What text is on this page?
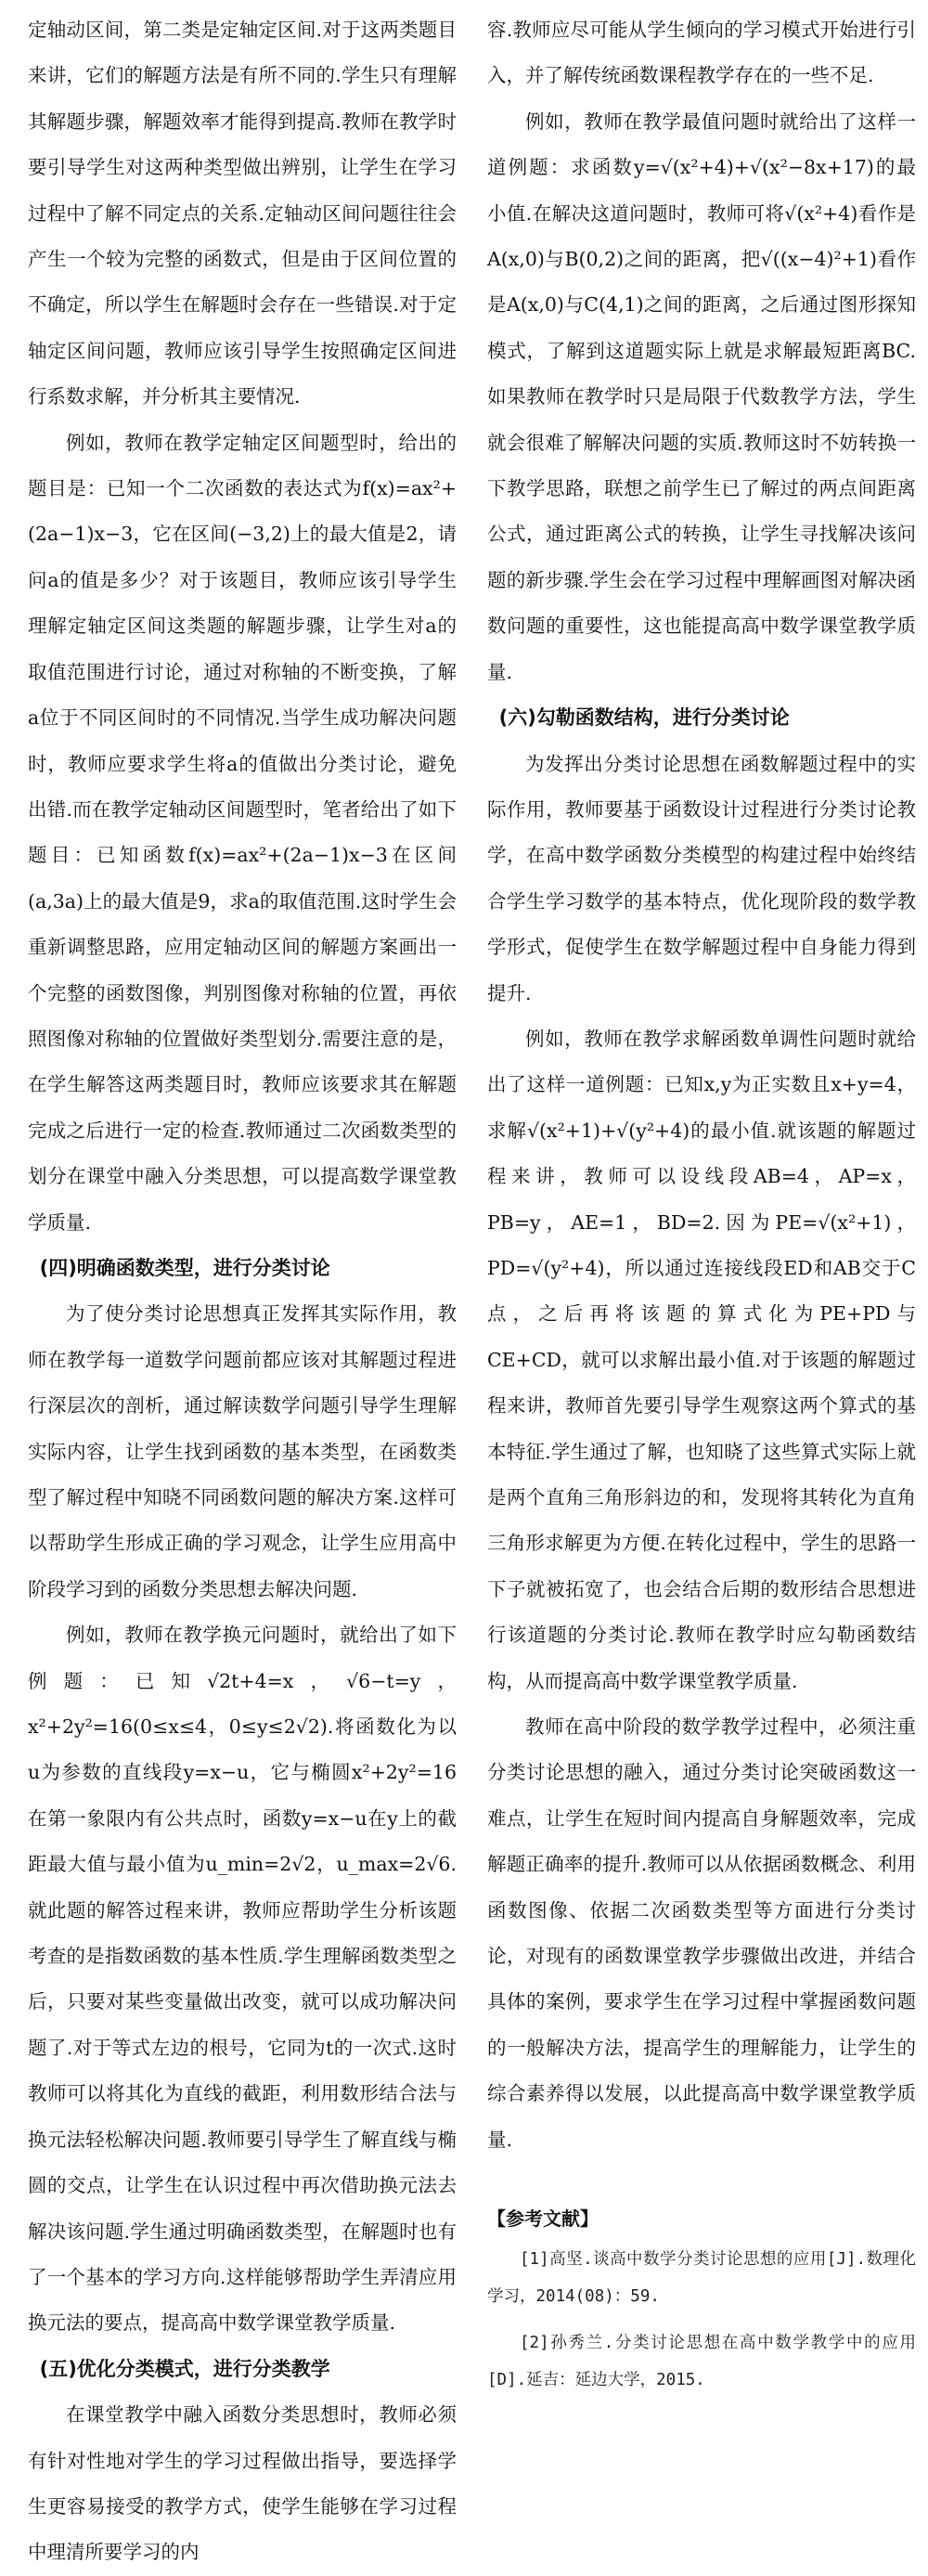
定轴动区间，第二类是定轴定区间.对于这两类题目来讲，它们的解题方法是有所不同的.学生只有理解其解题步骤，解题效率才能得到提高.教师在教学时要引导学生对这两种类型做出辨别，让学生在学习过程中了解不同定点的关系.定轴动区间问题往往会产生一个较为完整的函数式，但是由于区间位置的不确定，所以学生在解题时会存在一些错误.对于定轴定区间问题，教师应该引导学生按照确定区间进行系数求解，并分析其主要情况.

例如，教师在教学定轴定区间题型时，给出的题目是：已知一个二次函数的表达式为f(x)=ax²+(2a−1)x−3，它在区间(−3,2)上的最大值是2，请问a的值是多少？对于该题目，教师应该引导学生理解定轴定区间这类题的解题步骤，让学生对a的取值范围进行讨论，通过对称轴的不断变换，了解a位于不同区间时的不同情况.当学生成功解决问题时，教师应要求学生将a的值做出分类讨论，避免出错.而在教学定轴动区间题型时，笔者给出了如下题目：已知函数f(x)=ax²+(2a−1)x−3在区间(a,3a)上的最大值是9，求a的取值范围.这时学生会重新调整思路，应用定轴动区间的解题方案画出一个完整的函数图像，判别图像对称轴的位置，再依照图像对称轴的位置做好类型划分.需要注意的是，在学生解答这两类题目时，教师应该要求其在解题完成之后进行一定的检查.教师通过二次函数类型的划分在课堂中融入分类思想，可以提高数学课堂教学质量.

(四)明确函数类型，进行分类讨论

为了使分类讨论思想真正发挥其实际作用，教师在教学每一道数学问题前都应该对其解题过程进行深层次的剖析，通过解读数学问题引导学生理解实际内容，让学生找到函数的基本类型，在函数类型了解过程中知晓不同函数问题的解决方案.这样可以帮助学生形成正确的学习观念，让学生应用高中阶段学习到的函数分类思想去解决问题.

例如，教师在教学换元问题时，就给出了如下例题：已知√2t+4=x，√6−t=y，x²+2y²=16(0≤x≤4，0≤y≤2√2).将函数化为以u为参数的直线段y=x−u，它与椭圆x²+2y²=16在第一象限内有公共点时，函数y=x−u在y上的截距最大值与最小值为u_min=2√2，u_max=2√6.就此题的解答过程来讲，教师应帮助学生分析该题考查的是指数函数的基本性质.学生理解函数类型之后，只要对某些变量做出改变，就可以成功解决问题了.对于等式左边的根号，它同为t的一次式.这时教师可以将其化为直线的截距，利用数形结合法与换元法轻松解决问题.教师要引导学生了解直线与椭圆的交点，让学生在认识过程中再次借助换元法去解决该问题.学生通过明确函数类型，在解题时也有了一个基本的学习方向.这样能够帮助学生弄清应用换元法的要点，提高高中数学课堂教学质量.

(五)优化分类模式，进行分类教学

在课堂教学中融入函数分类思想时，教师必须有针对性地对学生的学习过程做出指导，要选择学生更容易接受的教学方式，使学生能够在学习过程中理清所要学习的内

容.教师应尽可能从学生倾向的学习模式开始进行引入，并了解传统函数课程教学存在的一些不足.

例如，教师在教学最值问题时就给出了这样一道例题：求函数y=√(x²+4)+√(x²−8x+17)的最小值.在解决这道问题时，教师可将√(x²+4)看作是A(x,0)与B(0,2)之间的距离，把√((x−4)²+1)看作是A(x,0)与C(4,1)之间的距离，之后通过图形探知模式，了解到这道题实际上就是求解最短距离BC.如果教师在教学时只是局限于代数教学方法，学生就会很难了解解决问题的实质.教师这时不妨转换一下教学思路，联想之前学生已了解过的两点间距离公式，通过距离公式的转换，让学生寻找解决该问题的新步骤.学生会在学习过程中理解画图对解决函数问题的重要性，这也能提高高中数学课堂教学质量.

(六)勾勒函数结构，进行分类讨论

为发挥出分类讨论思想在函数解题过程中的实际作用，教师要基于函数设计过程进行分类讨论教学，在高中数学函数分类模型的构建过程中始终结合学生学习数学的基本特点，优化现阶段的数学教学形式，促使学生在数学解题过程中自身能力得到提升.

例如，教师在教学求解函数单调性问题时就给出了这样一道例题：已知x,y为正实数且x+y=4，求解√(x²+1)+√(y²+4)的最小值.就该题的解题过程来讲，教师可以设线段AB=4，AP=x，PB=y，AE=1，BD=2.因为PE=√(x²+1)，PD=√(y²+4)，所以通过连接线段ED和AB交于C点，之后再将该题的算式化为PE+PD与CE+CD，就可以求解出最小值.对于该题的解题过程来讲，教师首先要引导学生观察这两个算式的基本特征.学生通过了解，也知晓了这些算式实际上就是两个直角三角形斜边的和，发现将其转化为直角三角形求解更为方便.在转化过程中，学生的思路一下子就被拓宽了，也会结合后期的数形结合思想进行该道题的分类讨论.教师在教学时应勾勒函数结构，从而提高高中数学课堂教学质量.

教师在高中阶段的数学教学过程中，必须注重分类讨论思想的融入，通过分类讨论突破函数这一难点，让学生在短时间内提高自身解题效率，完成解题正确率的提升.教师可以从依据函数概念、利用函数图像、依据二次函数类型等方面进行分类讨论，对现有的函数课堂教学步骤做出改进，并结合具体的案例，要求学生在学习过程中掌握函数问题的一般解决方法，提高学生的理解能力，让学生的综合素养得以发展，以此提高高中数学课堂教学质量.

【参考文献】
[1]高坚.谈高中数学分类讨论思想的应用[J].数理化学习，2014(08)：59.
[2]孙秀兰.分类讨论思想在高中数学教学中的应用[D].延吉：延边大学，2015.
